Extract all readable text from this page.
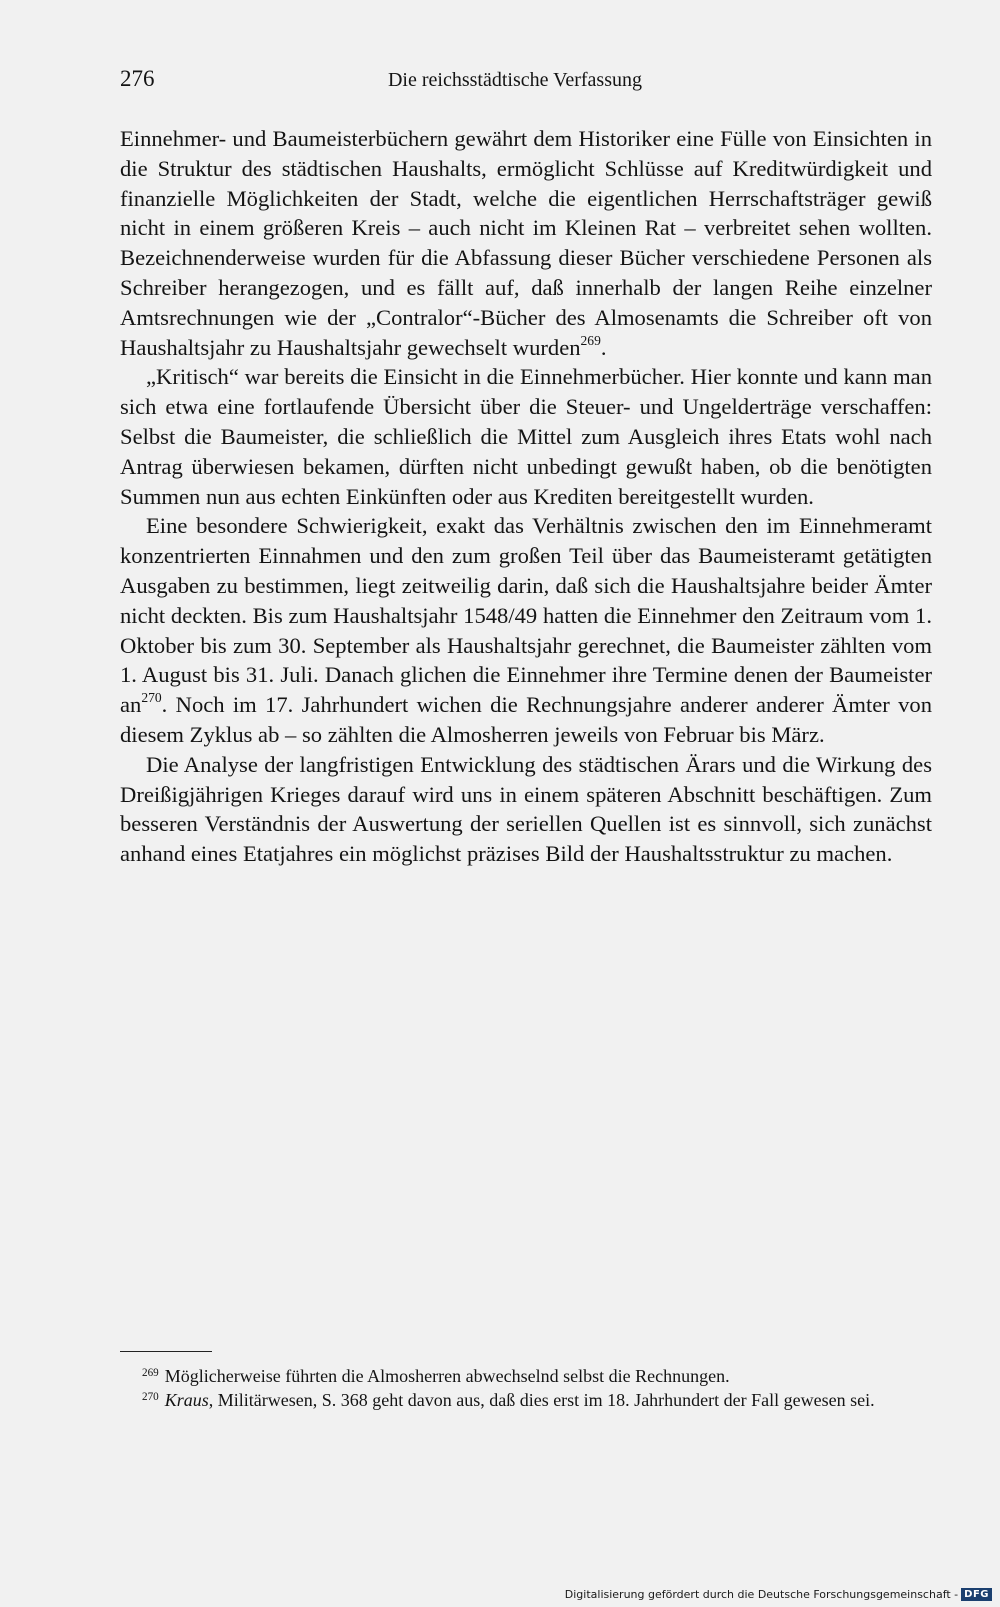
276	Die reichsstädtische Verfassung

Einnehmer- und Baumeisterbüchern gewährt dem Historiker eine Fülle von Einsichten in die Struktur des städtischen Haushalts, ermöglicht Schlüsse auf Kreditwürdigkeit und finanzielle Möglichkeiten der Stadt, welche die eigentlichen Herrschaftsträger gewiß nicht in einem größeren Kreis – auch nicht im Kleinen Rat – verbreitet sehen wollten. Bezeichnenderweise wurden für die Abfassung dieser Bücher verschiedene Personen als Schreiber herangezogen, und es fällt auf, daß innerhalb der langen Reihe einzelner Amtsrechnungen wie der „Contralor“-Bücher des Almosenamts die Schreiber oft von Haushaltsjahr zu Haushaltsjahr gewechselt wurden$^{269}$.

„Kritisch“ war bereits die Einsicht in die Einnehmerbücher. Hier konnte und kann man sich etwa eine fortlaufende Übersicht über die Steuer- und Ungelderträge verschaffen: Selbst die Baumeister, die schließlich die Mittel zum Ausgleich ihres Etats wohl nach Antrag überwiesen bekamen, dürften nicht unbedingt gewußt haben, ob die benötigten Summen nun aus echten Einkünften oder aus Krediten bereitgestellt wurden.

Eine besondere Schwierigkeit, exakt das Verhältnis zwischen den im Einnehmeramt konzentrierten Einnahmen und den zum großen Teil über das Baumeisteramt getätigten Ausgaben zu bestimmen, liegt zeitweilig darin, daß sich die Haushaltsjahre beider Ämter nicht deckten. Bis zum Haushaltsjahr 1548/49 hatten die Einnehmer den Zeitraum vom 1. Oktober bis zum 30. September als Haushaltsjahr gerechnet, die Baumeister zählten vom 1. August bis 31. Juli. Danach glichen die Einnehmer ihre Termine denen der Baumeister $an^{270}$. Noch im 17. Jahrhundert wichen die Rechnungsjahre anderer anderer Ämter von diesem Zyklus ab – so zählten die Almosherren jeweils von Februar bis März.

Die Analyse der langfristigen Entwicklung des städtischen Ärars und die Wirkung des Dreißigjährigen Krieges darauf wird uns in einem späteren Abschnitt beschäftigen. Zum besseren Verständnis der Auswertung der seriellen Quellen ist es sinnvoll, sich zunächst anhand eines Etatjahres ein möglichst präzises Bild der Haushaltsstruktur zu machen.

$^{269}$ Möglicherweise führten die Almosherren abwechselnd selbst die Rechnungen.

$^{270}$ Kraus, Militärwesen, S. 368 geht davon aus, daß dies erst im 18. Jahrhundert der Fall gewesen sei.

Digitalisierung gefördert durch die Deutsche Forschungsgemeinschaft - DFG
